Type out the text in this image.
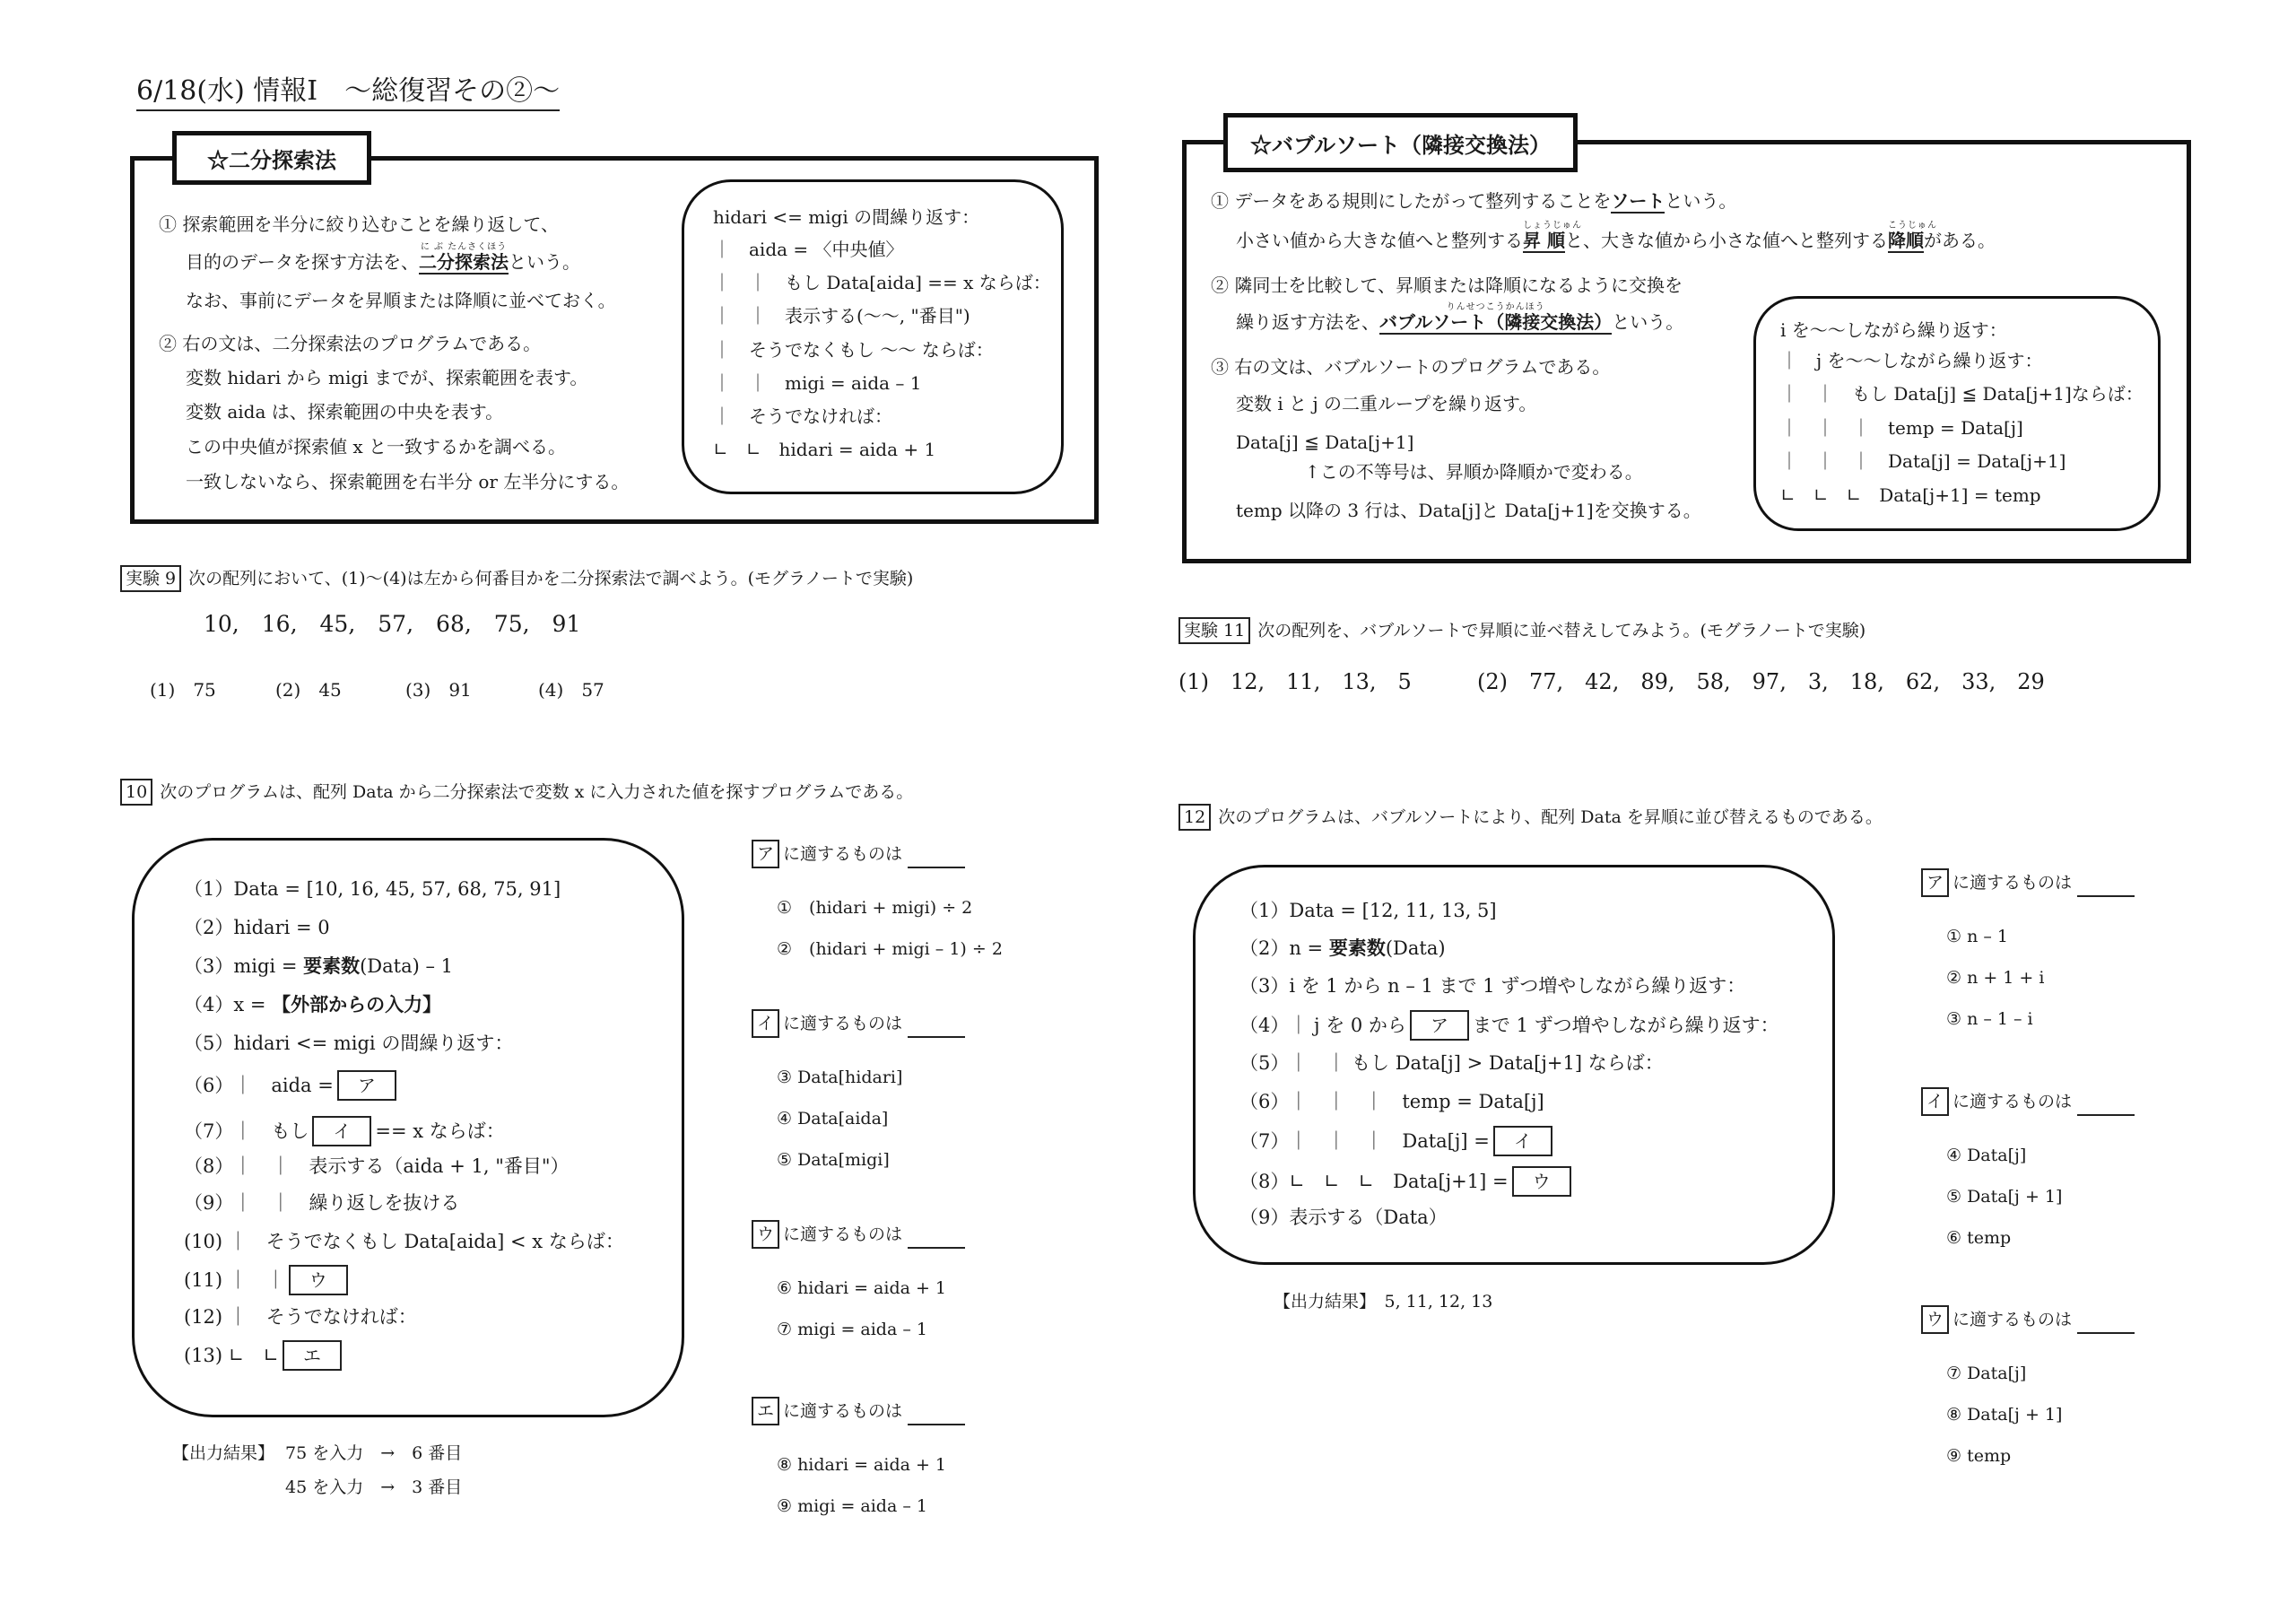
6/18(水) 情報Ⅰ　～総復習その②～
☆二分探索法
① 探索範囲を半分に絞り込むことを繰り返して、
目的のデータを探す方法を、
に ぶ たんさくほう
二分探索法という。
なお、事前にデータを昇順または降順に並べておく。
② 右の文は、二分探索法のプログラムである。
変数 hidari から migi までが、探索範囲を表す。
変数 aida は、探索範囲の中央を表す。
この中央値が探索値 x と一致するかを調べる。
一致しないなら、探索範囲を右半分 or 左半分にする。
hidari <= migi の間繰り返す：
｜　aida = 〈中央値〉
｜　｜　もし Data[aida] == x ならば：
｜　｜　表示する(～～, "番目")
｜　そうでなくもし ～～ ならば：
｜　｜　migi = aida – 1
｜　そうでなければ：
∟　∟　hidari = aida + 1
実験 9 次の配列において、(1)～(4)は左から何番目かを二分探索法で調べよう。(モグラノートで実験)
10,　16,　45,　57,　68,　75,　91
(1)　75	(2)　45	(3)　91	(4)　57
10 次のプログラムは、配列 Data から二分探索法で変数 x に入力された値を探すプログラムである。
（1）Data = [10, 16, 45, 57, 68, 75, 91]
（2）hidari = 0
（3）migi = 要素数(Data) – 1
（4）x = 【外部からの入力】
（5）hidari <= migi の間繰り返す：
（6）｜　aida = ア
（7）｜　もし イ == x ならば：
（8）｜　｜　表示する（aida + 1, "番目"）
（9）｜　｜　繰り返しを抜ける
(10) ｜　そうでなくもし Data[aida] < x ならば：
(11) ｜　｜ ウ
(12) ｜　そうでなければ：
(13) ∟　∟ エ
【出力結果】 75 を入力　→　6 番目
45 を入力　→　3 番目
ア に適するものは
①　(hidari + migi) ÷ 2
②　(hidari + migi – 1) ÷ 2
イ に適するものは
③ Data[hidari]
④ Data[aida]
⑤ Data[migi]
ウ に適するものは
⑥ hidari = aida + 1
⑦ migi = aida – 1
エ に適するものは
⑧ hidari = aida + 1
⑨ migi = aida – 1
☆バブルソート（隣接交換法）
① データをある規則にしたがって整列することをソートという。
小さい値から大きな値へと整列する
しょうじゅん
昇 順と、大きな値から小さな値へと整列する
こうじゅん
降順がある。
② 隣同士を比較して、昇順または降順になるように交換を
繰り返す方法を、
りんせつこうかんほう
バブルソート（隣接交換法）という。
③ 右の文は、バブルソートのプログラムである。
変数 i と j の二重ループを繰り返す。
Data[j] ≦ Data[j+1]
↑この不等号は、昇順か降順かで変わる。
temp 以降の 3 行は、Data[j]と Data[j+1]を交換する。
i を～～しながら繰り返す：
｜　j を～～しながら繰り返す：
｜　｜　もし Data[j] ≦ Data[j+1]ならば：
｜　｜　｜　temp = Data[j]
｜　｜　｜　Data[j] = Data[j+1]
∟　∟　∟　Data[j+1] = temp
実験 11 次の配列を、バブルソートで昇順に並べ替えしてみよう。(モグラノートで実験)
(1)　12,　11,　13,　5	(2)　77,　42,　89,　58,　97,　3,　18,　62,　33,　29
12 次のプログラムは、バブルソートにより、配列 Data を昇順に並び替えるものである。
（1）Data = [12, 11, 13, 5]
（2）n = 要素数(Data)
（3）i を 1 から n – 1 まで 1 ずつ増やしながら繰り返す：
（4）｜ j を 0 から ア まで 1 ずつ増やしながら繰り返す：
（5）｜　｜ もし Data[j] > Data[j+1] ならば：
（6）｜　｜　｜　temp = Data[j]
（7）｜　｜　｜　Data[j] = イ
（8）∟　∟　∟　Data[j+1] = ウ
（9）表示する（Data）
【出力結果】　5, 11, 12, 13
ア に適するものは
① n – 1
② n + 1 + i
③ n – 1 – i
イ に適するものは
④ Data[j]
⑤ Data[j + 1]
⑥ temp
ウ に適するものは
⑦ Data[j]
⑧ Data[j + 1]
⑨ temp
